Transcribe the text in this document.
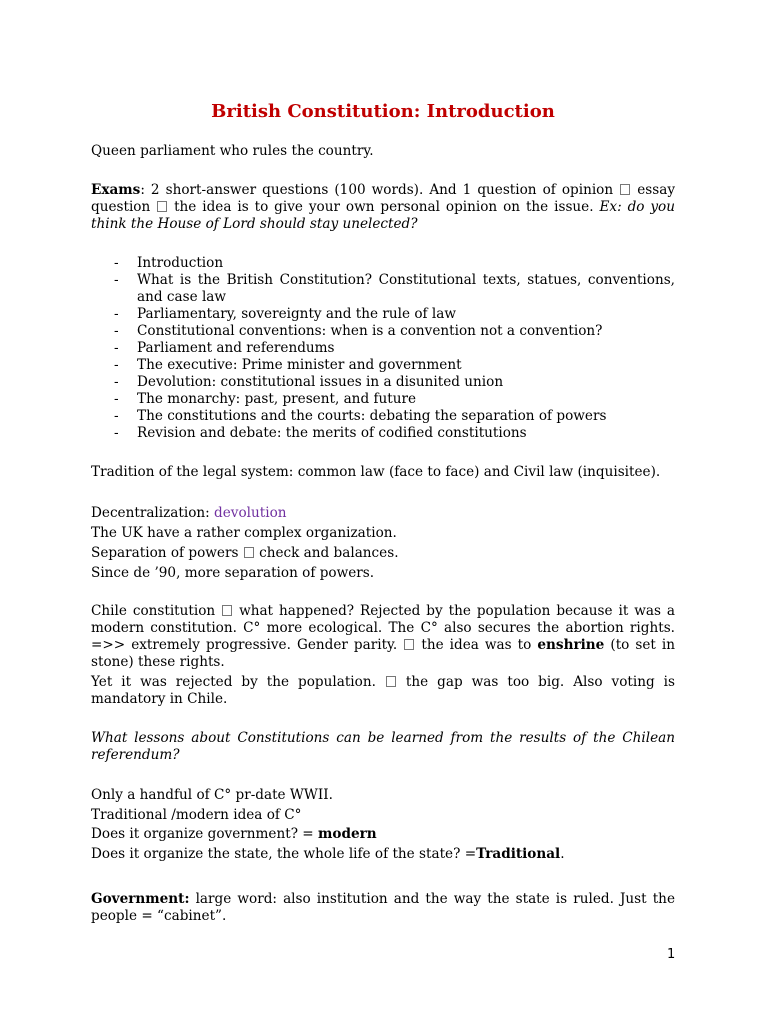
British Constitution: Introduction

Queen parliament who rules the country.

Exams: 2 short-answer questions (100 words). And 1 question of opinion essay question the idea is to give your own personal opinion on the issue. Ex: do you think the House of Lord should stay unelected?

- Introduction
- What is the British Constitution? Constitutional texts, statues, conventions, and case law
- Parliamentary, sovereignty and the rule of law
- Constitutional conventions: when is a convention not a convention?
- Parliament and referendums
- The executive: Prime minister and government
- Devolution: constitutional issues in a disunited union
- The monarchy: past, present, and future
- The constitutions and the courts: debating the separation of powers
- Revision and debate: the merits of codified constitutions

Tradition of the legal system: common law (face to face) and Civil law (inquisitee).

Decentralization: devolution

The UK have a rather complex organization.

Separation of powers check and balances.

Since de ’90, more separation of powers.

Chile constitution what happened? Rejected by the population because it was a modern constitution. C° more ecological. The C° also secures the abortion rights. =>> extremely progressive. Gender parity. the idea was to enshrine (to set in stone) these rights.

Yet it was rejected by the population. the gap was too big. Also voting is mandatory in Chile.

What lessons about Constitutions can be learned from the results of the Chilean referendum?

Only a handful of C° pr-date WWII.

Traditional /modern idea of C°

Does it organize government? = modern

Does it organize the state, the whole life of the state? =Traditional.

Government: large word: also institution and the way the state is ruled. Just the people = “cabinet”.

1
